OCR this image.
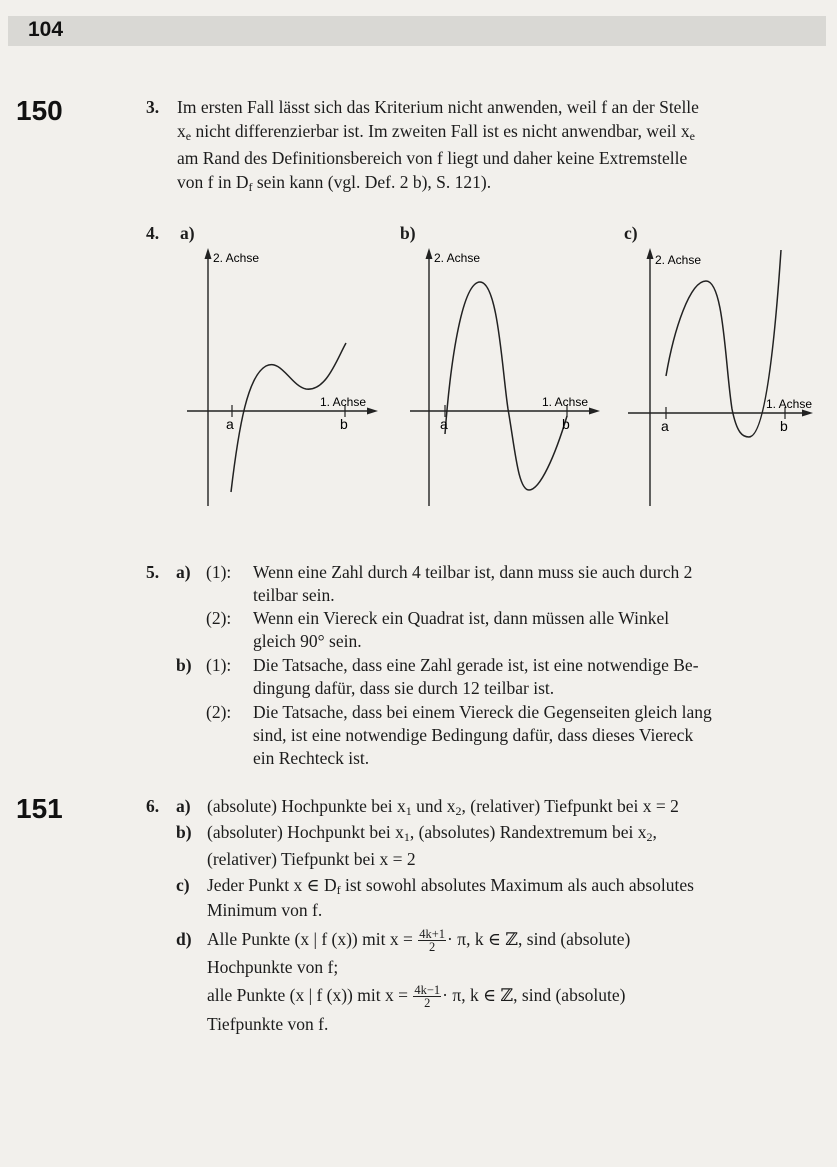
104
150
151
3. Im ersten Fall lässt sich das Kriterium nicht anwenden, weil f an der Stelle
$x_e$ nicht differenzierbar ist. Im zweiten Fall ist es nicht anwendbar, weil $x_e$
am Rand des Definitionsbereich von f liegt und daher keine Extremstelle
von f in $D_f$ sein kann (vgl. Def. 2 b), S. 121).
4. a)	b)	c)
2. Achse
1. Achse
a	b
2. Achse
1. Achse
a	b
2. Achse
1. Achse
a	b
5. a) (1): Wenn eine Zahl durch 4 teilbar ist, dann muss sie auch durch 2
teilbar sein.
(2): Wenn ein Viereck ein Quadrat ist, dann müssen alle Winkel
gleich 90° sein.
b) (1): Die Tatsache, dass eine Zahl gerade ist, ist eine notwendige Be-
dingung dafür, dass sie durch 12 teilbar ist.
(2): Die Tatsache, dass bei einem Viereck die Gegenseiten gleich lang
sind, ist eine notwendige Bedingung dafür, dass dieses Viereck
ein Rechteck ist.
6. a) (absolute) Hochpunkte bei $x_1$ und $x_2$, (relativer) Tiefpunkt bei x = 2
b) (absoluter) Hochpunkt bei $x_1$, (absolutes) Randextremum bei $x_2$,
(relativer) Tiefpunkt bei x = 2
c) Jeder Punkt x ∈ $D_f$ ist sowohl absolutes Maximum als auch absolutes
Minimum von f.
d) Alle Punkte (x | f (x)) mit $x = \frac{4k+1}{2} \cdot \pi$, k ∈ ℤ, sind (absolute)
Hochpunkte von f;
alle Punkte (x | f (x)) mit $x = \frac{4k-1}{2} \cdot \pi$, k ∈ ℤ, sind (absolute)
Tiefpunkte von f.
